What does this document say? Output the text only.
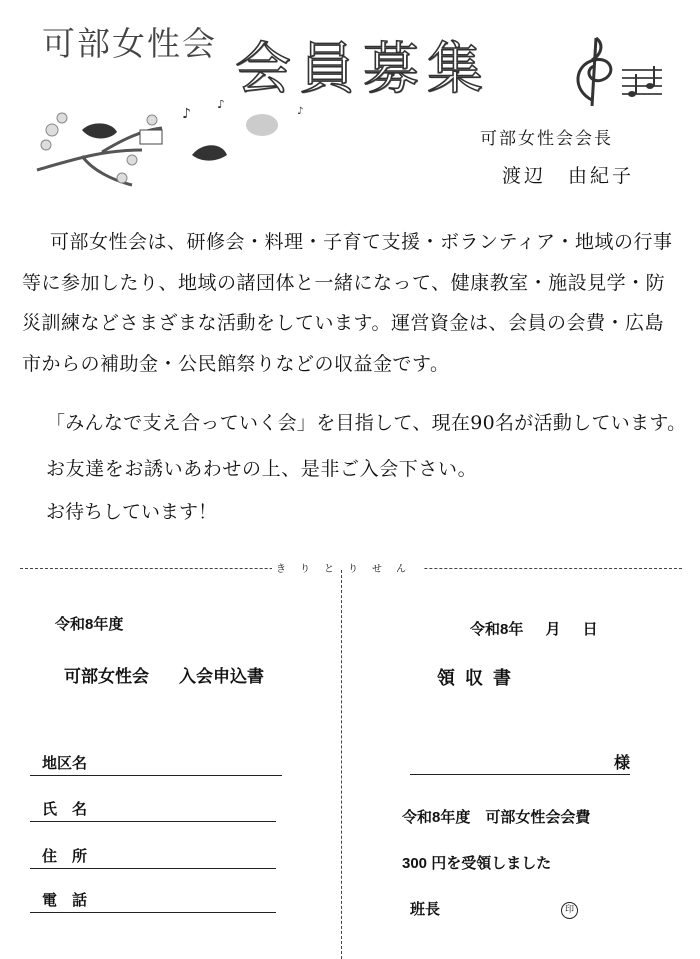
可部女性会 会員募集
♪
♪
♪
可部女性会会長
渡辺　由紀子

可部女性会は、研修会・料理・子育て支援・ボランティア・地域の行事等に参加したり、地域の諸団体と一緒になって、健康教室・施設見学・防災訓練などさまざまな活動をしています。運営資金は、会員の会費・広島市からの補助金・公民館祭りなどの収益金です。

「みんなで支え合っていく会」を目指して、現在90名が活動しています。
お友達をお誘いあわせの上、是非ご入会下さい。
お待ちしています！
きりとりせん
令和8年度
可部女性会 入会申込書
地区名
氏　名
住　所
電　話
令和8年 月 日
領収書
様
令和8年度　可部女性会会費
300 円を受領しました
班長	印
